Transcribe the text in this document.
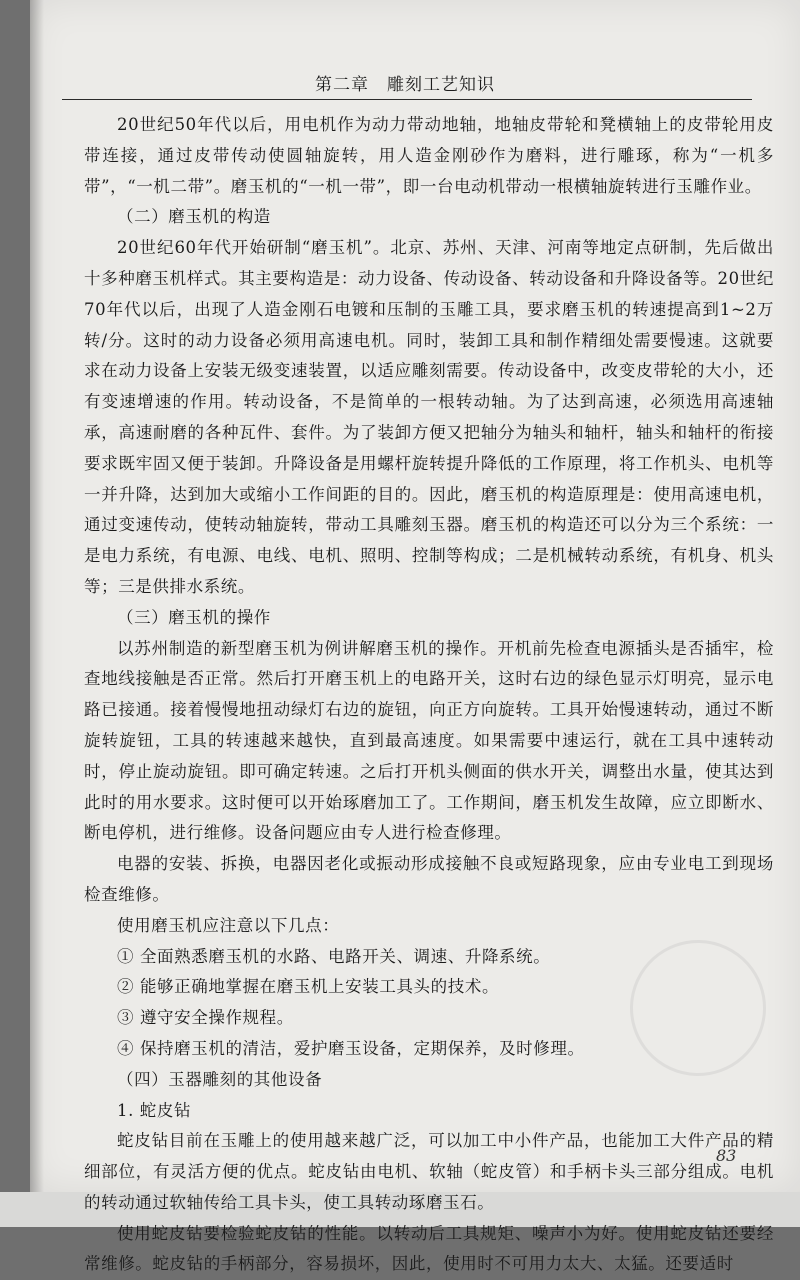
第二章　雕刻工艺知识

20世纪50年代以后，用电机作为动力带动地轴，地轴皮带轮和凳横轴上的皮带轮用皮带连接，通过皮带传动使圆轴旋转，用人造金刚砂作为磨料，进行雕琢，称为“一机多带”，“一机二带”。磨玉机的“一机一带”，即一台电动机带动一根横轴旋转进行玉雕作业。

（二）磨玉机的构造

20世纪60年代开始研制“磨玉机”。北京、苏州、天津、河南等地定点研制，先后做出十多种磨玉机样式。其主要构造是：动力设备、传动设备、转动设备和升降设备等。20世纪70年代以后，出现了人造金刚石电镀和压制的玉雕工具，要求磨玉机的转速提高到1~2万转/分。这时的动力设备必须用高速电机。同时，装卸工具和制作精细处需要慢速。这就要求在动力设备上安装无级变速装置，以适应雕刻需要。传动设备中，改变皮带轮的大小，还有变速增速的作用。转动设备，不是简单的一根转动轴。为了达到高速，必须选用高速轴承，高速耐磨的各种瓦件、套件。为了装卸方便又把轴分为轴头和轴杆，轴头和轴杆的衔接要求既牢固又便于装卸。升降设备是用螺杆旋转提升降低的工作原理，将工作机头、电机等一并升降，达到加大或缩小工作间距的目的。因此，磨玉机的构造原理是：使用高速电机，通过变速传动，使转动轴旋转，带动工具雕刻玉器。磨玉机的构造还可以分为三个系统：一是电力系统，有电源、电线、电机、照明、控制等构成；二是机械转动系统，有机身、机头等；三是供排水系统。

（三）磨玉机的操作

以苏州制造的新型磨玉机为例讲解磨玉机的操作。开机前先检查电源插头是否插牢，检查地线接触是否正常。然后打开磨玉机上的电路开关，这时右边的绿色显示灯明亮，显示电路已接通。接着慢慢地扭动绿灯右边的旋钮，向正方向旋转。工具开始慢速转动，通过不断旋转旋钮，工具的转速越来越快，直到最高速度。如果需要中速运行，就在工具中速转动时，停止旋动旋钮。即可确定转速。之后打开机头侧面的供水开关，调整出水量，使其达到此时的用水要求。这时便可以开始琢磨加工了。工作期间，磨玉机发生故障，应立即断水、断电停机，进行维修。设备问题应由专人进行检查修理。

电器的安装、拆换，电器因老化或振动形成接触不良或短路现象，应由专业电工到现场检查维修。

使用磨玉机应注意以下几点：

① 全面熟悉磨玉机的水路、电路开关、调速、升降系统。

② 能够正确地掌握在磨玉机上安装工具头的技术。

③ 遵守安全操作规程。

④ 保持磨玉机的清洁，爱护磨玉设备，定期保养，及时修理。

（四）玉器雕刻的其他设备

1. 蛇皮钻

蛇皮钻目前在玉雕上的使用越来越广泛，可以加工中小件产品，也能加工大件产品的精细部位，有灵活方便的优点。蛇皮钻由电机、软轴（蛇皮管）和手柄卡头三部分组成。电机的转动通过软轴传给工具卡头，使工具转动琢磨玉石。

使用蛇皮钻要检验蛇皮钻的性能。以转动后工具规矩、噪声小为好。使用蛇皮钻还要经常维修。蛇皮钻的手柄部分，容易损坏，因此，使用时不可用力太大、太猛。还要适时

83
